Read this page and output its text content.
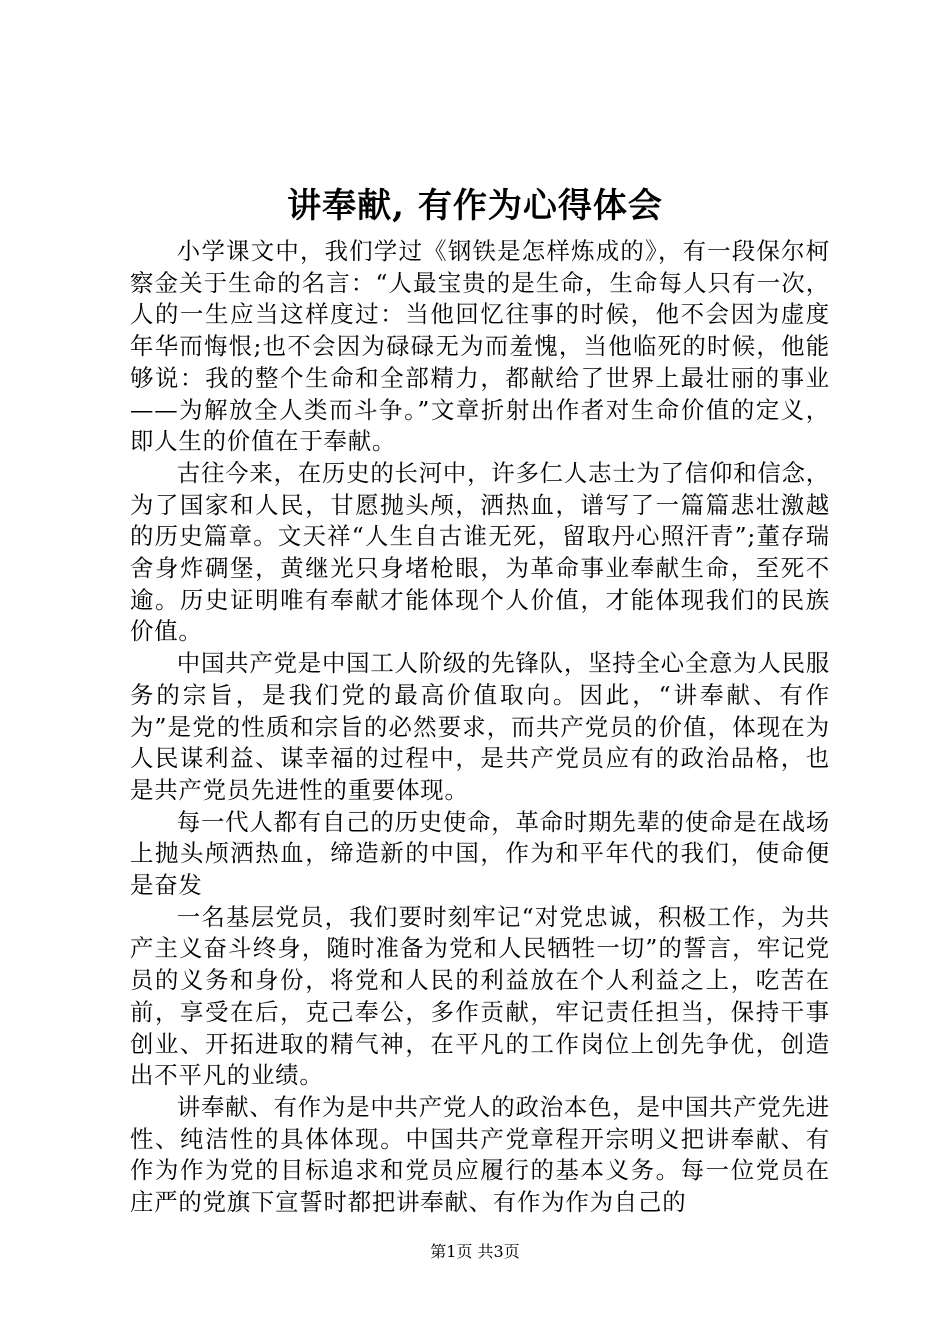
讲奉献, 有作为心得体会

小学课文中，我们学过《钢铁是怎样炼成的》，有一段保尔柯察金关于生命的名言：“人最宝贵的是生命，生命每人只有一次，人的一生应当这样度过：当他回忆往事的时候，他不会因为虚度年华而悔恨;也不会因为碌碌无为而羞愧，当他临死的时候，他能够说：我的整个生命和全部精力，都献给了世界上最壮丽的事业——为解放全人类而斗争。”文章折射出作者对生命价值的定义，即人生的价值在于奉献。

古往今来，在历史的长河中，许多仁人志士为了信仰和信念，为了国家和人民，甘愿抛头颅，洒热血，谱写了一篇篇悲壮激越的历史篇章。文天祥“人生自古谁无死，留取丹心照汗青”;董存瑞舍身炸碉堡，黄继光只身堵枪眼，为革命事业奉献生命，至死不逾。历史证明唯有奉献才能体现个人价值，才能体现我们的民族价值。

中国共产党是中国工人阶级的先锋队，坚持全心全意为人民服务的宗旨，是我们党的最高价值取向。因此，“讲奉献、有作为”是党的性质和宗旨的必然要求，而共产党员的价值，体现在为人民谋利益、谋幸福的过程中，是共产党员应有的政治品格，也是共产党员先进性的重要体现。

每一代人都有自己的历史使命，革命时期先辈的使命是在战场上抛头颅洒热血，缔造新的中国，作为和平年代的我们，使命便是奋发

一名基层党员，我们要时刻牢记“对党忠诚，积极工作，为共产主义奋斗终身，随时准备为党和人民牺牲一切”的誓言，牢记党员的义务和身份，将党和人民的利益放在个人利益之上，吃苦在前，享受在后，克己奉公，多作贡献，牢记责任担当，保持干事创业、开拓进取的精气神，在平凡的工作岗位上创先争优，创造出不平凡的业绩。

讲奉献、有作为是中共产党人的政治本色，是中国共产党先进性、纯洁性的具体体现。中国共产党章程开宗明义把讲奉献、有作为作为党的目标追求和党员应履行的基本义务。每一位党员在庄严的党旗下宣誓时都把讲奉献、有作为作为自己的

第1页 共3页
